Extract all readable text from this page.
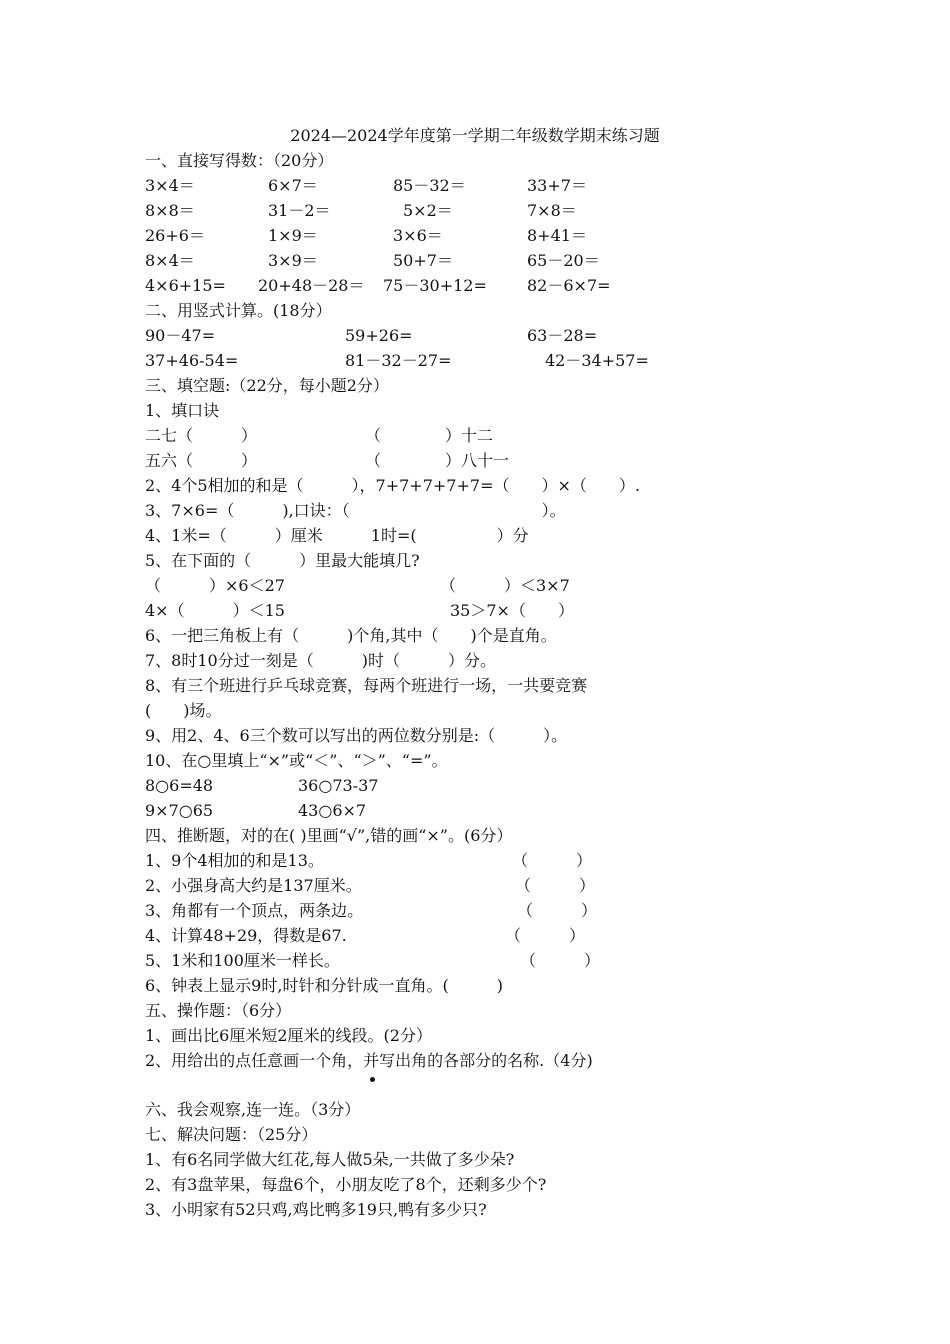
2024—2024学年度第一学期二年级数学期末练习题
一、直接写得数：（20分）
3×4＝	6×7＝	85－32＝	33+7＝
8×8＝	31－2＝	5×2＝	7×8＝
26+6＝	1×9＝	3×6＝	8+41＝
8×4＝	3×9＝	50+7＝	65－20＝
4×6+15= 20+48－28＝ 75－30+12=	82－6×7=
二、用竖式计算。(18分）
90－47=	59+26=	63－28=
37+46-54=	81－32－27=	42－34+57=
三、填空题:（22分，每小题2分）
1、填口诀
二七（　　　）	（　　　　）十二
五六（　　　）	（　　　　）八十一
2、4个5相加的和是（　　　），7+7+7+7+7=（　　）×（　　）.
3、7×6=（　　　),口诀：（　　　　　　　　　　　　）。
4、1米=（　　　）厘米　　　1时=(　　　　　）分
5、在下面的（　　　）里最大能填几?
（　　　）×6＜27	（　　　）＜3×7
4×（　　　）＜15	35＞7×（　　）
6、一把三角板上有（　　　)个角,其中（　　)个是直角。
7、8时10分过一刻是（　　　)时（　　　）分。
8、有三个班进行乒乓球竞赛，每两个班进行一场，一共要竞赛
(　　)场。
9、用2、4、6三个数可以写出的两位数分别是:（　　　）。
10、在○里填上“×”或“＜”、“＞”、“=”。
8○6=48	36○73-37
9×7○65	43○6×7
四、推断题，对的在( )里画“√”,错的画“×”。(6分）
1、9个4相加的和是13。	（　　　）
2、小强身高大约是137厘米。	（　　　）
3、角都有一个顶点，两条边。	（　　　）
4、计算48+29，得数是67.	（　　　）
5、1米和100厘米一样长。	（　　　）
6、钟表上显示9时,时针和分针成一直角。(　　　)
五、操作题：（6分）
1、画出比6厘米短2厘米的线段。(2分）
2、用给出的点任意画一个角，并写出角的各部分的名称.（4分)
六、我会观察,连一连。（3分）
七、解决问题：（25分）
1、有6名同学做大红花,每人做5朵,一共做了多少朵?
2、有3盘苹果，每盘6个，小朋友吃了8个，还剩多少个?
3、小明家有52只鸡,鸡比鸭多19只,鸭有多少只?
